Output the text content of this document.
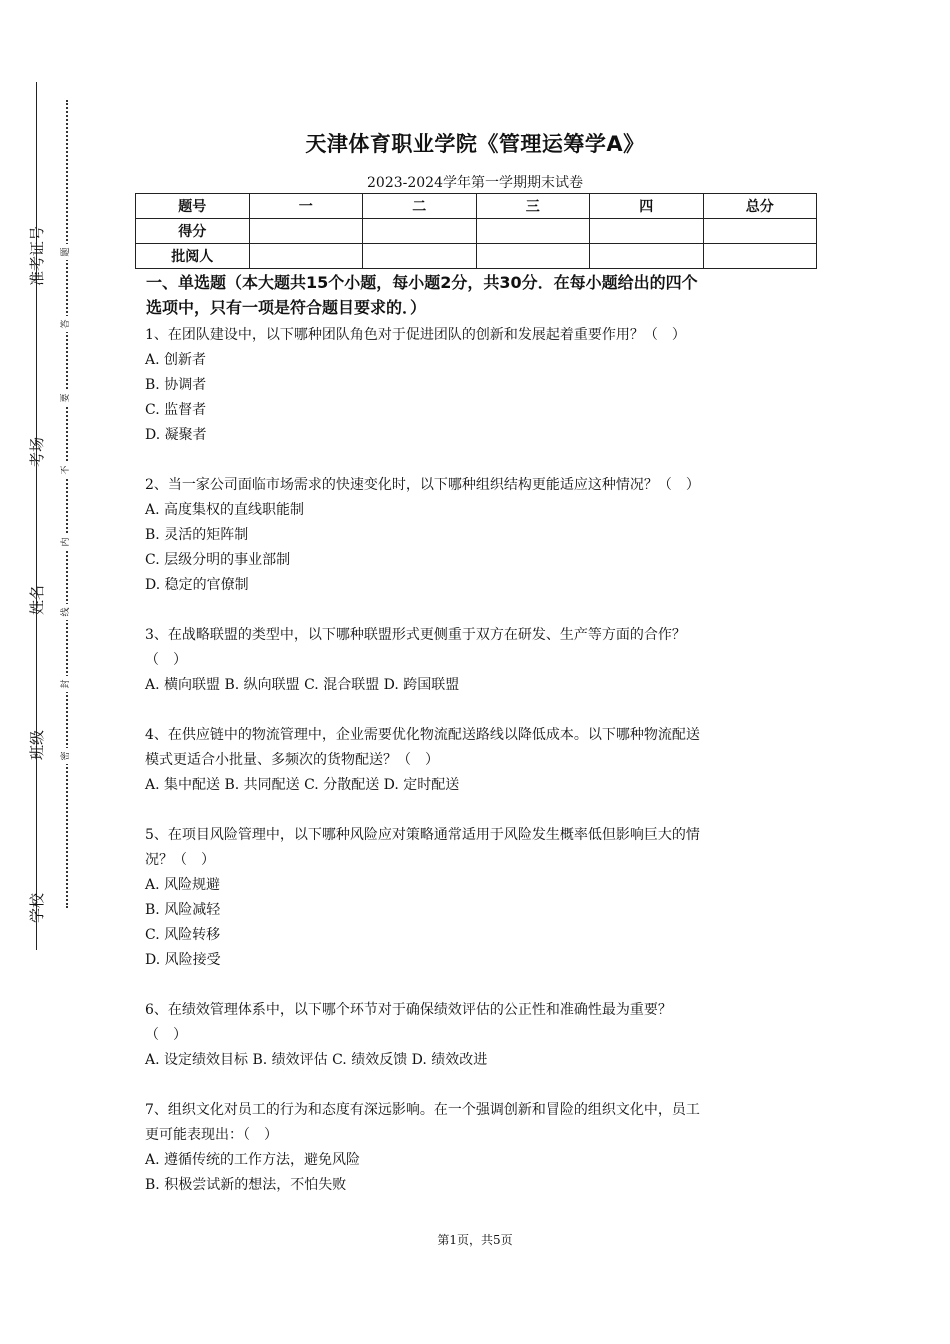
准考证号
考场
姓名
班级
学校
题
答
要
不
内
线
封
密
天津体育职业学院《管理运筹学A》
2023-2024学年第一学期期末试卷
题号	一	二	三	四	总分
得分					
批阅人					
一、单选题（本大题共15个小题，每小题2分，共30分．在每小题给出的四个
选项中，只有一项是符合题目要求的．）
1、在团队建设中，以下哪种团队角色对于促进团队的创新和发展起着重要作用？（　）
A. 创新者
B. 协调者
C. 监督者
D. 凝聚者
2、当一家公司面临市场需求的快速变化时，以下哪种组织结构更能适应这种情况？（　）
A. 高度集权的直线职能制
B. 灵活的矩阵制
C. 层级分明的事业部制
D. 稳定的官僚制
3、在战略联盟的类型中，以下哪种联盟形式更侧重于双方在研发、生产等方面的合作？
（　）
A. 横向联盟 B. 纵向联盟 C. 混合联盟 D. 跨国联盟
4、在供应链中的物流管理中，企业需要优化物流配送路线以降低成本。以下哪种物流配送
模式更适合小批量、多频次的货物配送？（　）
A. 集中配送 B. 共同配送 C. 分散配送 D. 定时配送
5、在项目风险管理中，以下哪种风险应对策略通常适用于风险发生概率低但影响巨大的情
况？（　）
A. 风险规避
B. 风险减轻
C. 风险转移
D. 风险接受
6、在绩效管理体系中，以下哪个环节对于确保绩效评估的公正性和准确性最为重要？
（　）
A. 设定绩效目标 B. 绩效评估 C. 绩效反馈 D. 绩效改进
7、组织文化对员工的行为和态度有深远影响。在一个强调创新和冒险的组织文化中，员工
更可能表现出：（　）
A. 遵循传统的工作方法，避免风险
B. 积极尝试新的想法，不怕失败
第1页，共5页
